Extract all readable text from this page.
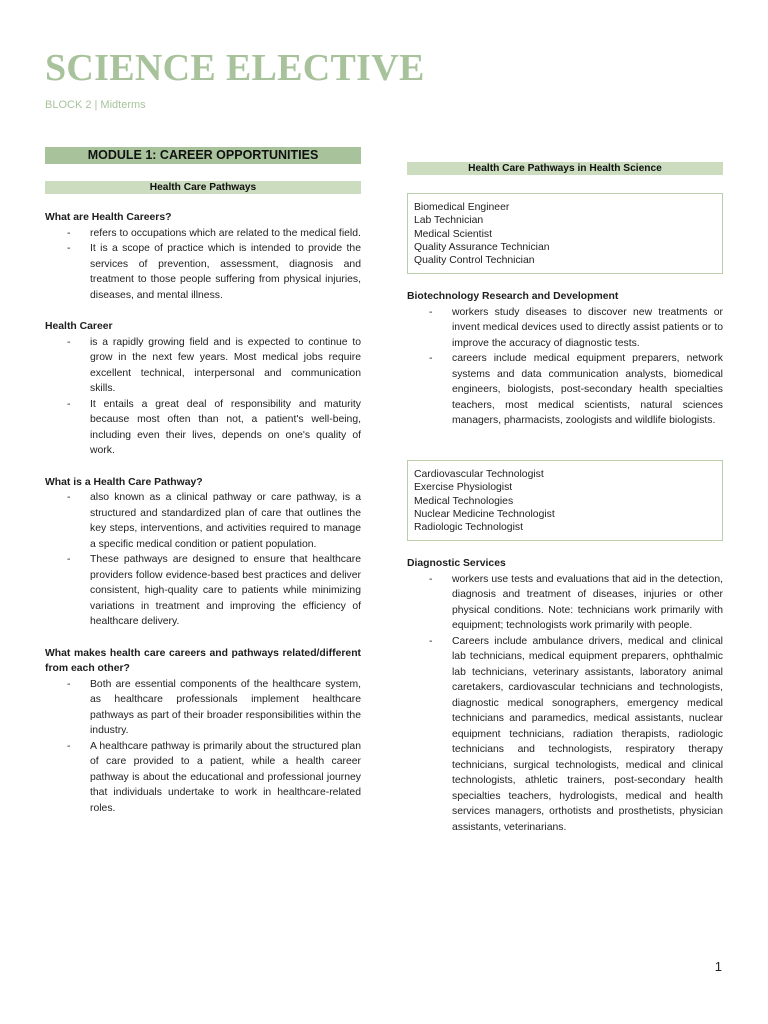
SCIENCE ELECTIVE
BLOCK 2 | Midterms
MODULE 1: CAREER OPPORTUNITIES
Health Care Pathways

What are Health Careers?

- refers to occupations which are related to the medical field.
- It is a scope of practice which is intended to provide the services of prevention, assessment, diagnosis and treatment to those people suffering from physical injuries, diseases, and mental illness.

Health Career

- is a rapidly growing field and is expected to continue to grow in the next few years. Most medical jobs require excellent technical, interpersonal and communication skills.
- It entails a great deal of responsibility and maturity because most often than not, a patient's well-being, including even their lives, depends on one's quality of work.

What is a Health Care Pathway?

- also known as a clinical pathway or care pathway, is a structured and standardized plan of care that outlines the key steps, interventions, and activities required to manage a specific medical condition or patient population.
- These pathways are designed to ensure that healthcare providers follow evidence-based best practices and deliver consistent, high-quality care to patients while minimizing variations in treatment and improving the efficiency of healthcare delivery.

What makes health care careers and pathways related/different from each other?

- Both are essential components of the healthcare system, as healthcare professionals implement healthcare pathways as part of their broader responsibilities within the industry.
- A healthcare pathway is primarily about the structured plan of care provided to a patient, while a health career pathway is about the educational and professional journey that individuals undertake to work in healthcare-related roles.
Health Care Pathways in Health Science
Biomedical Engineer
Lab Technician
Medical Scientist
Quality Assurance Technician
Quality Control Technician

Biotechnology Research and Development

- workers study diseases to discover new treatments or invent medical devices used to directly assist patients or to improve the accuracy of diagnostic tests.
- careers include medical equipment preparers, network systems and data communication analysts, biomedical engineers, biologists, post-secondary health specialties teachers, most medical scientists, natural sciences managers, pharmacists, zoologists and wildlife biologists.
Cardiovascular Technologist
Exercise Physiologist
Medical Technologies
Nuclear Medicine Technologist
Radiologic Technologist

Diagnostic Services

- workers use tests and evaluations that aid in the detection, diagnosis and treatment of diseases, injuries or other physical conditions. Note: technicians work primarily with equipment; technologists work primarily with people.
- Careers include ambulance drivers, medical and clinical lab technicians, medical equipment preparers, ophthalmic lab technicians, veterinary assistants, laboratory animal caretakers, cardiovascular technicians and technologists, diagnostic medical sonographers, emergency medical technicians and paramedics, medical assistants, nuclear equipment technicians, radiation therapists, radiologic technicians and technologists, respiratory therapy technicians, surgical technologists, medical and clinical technologists, athletic trainers, post-secondary health specialties teachers, hydrologists, medical and health services managers, orthotists and prosthetists, physician assistants, veterinarians.
1
